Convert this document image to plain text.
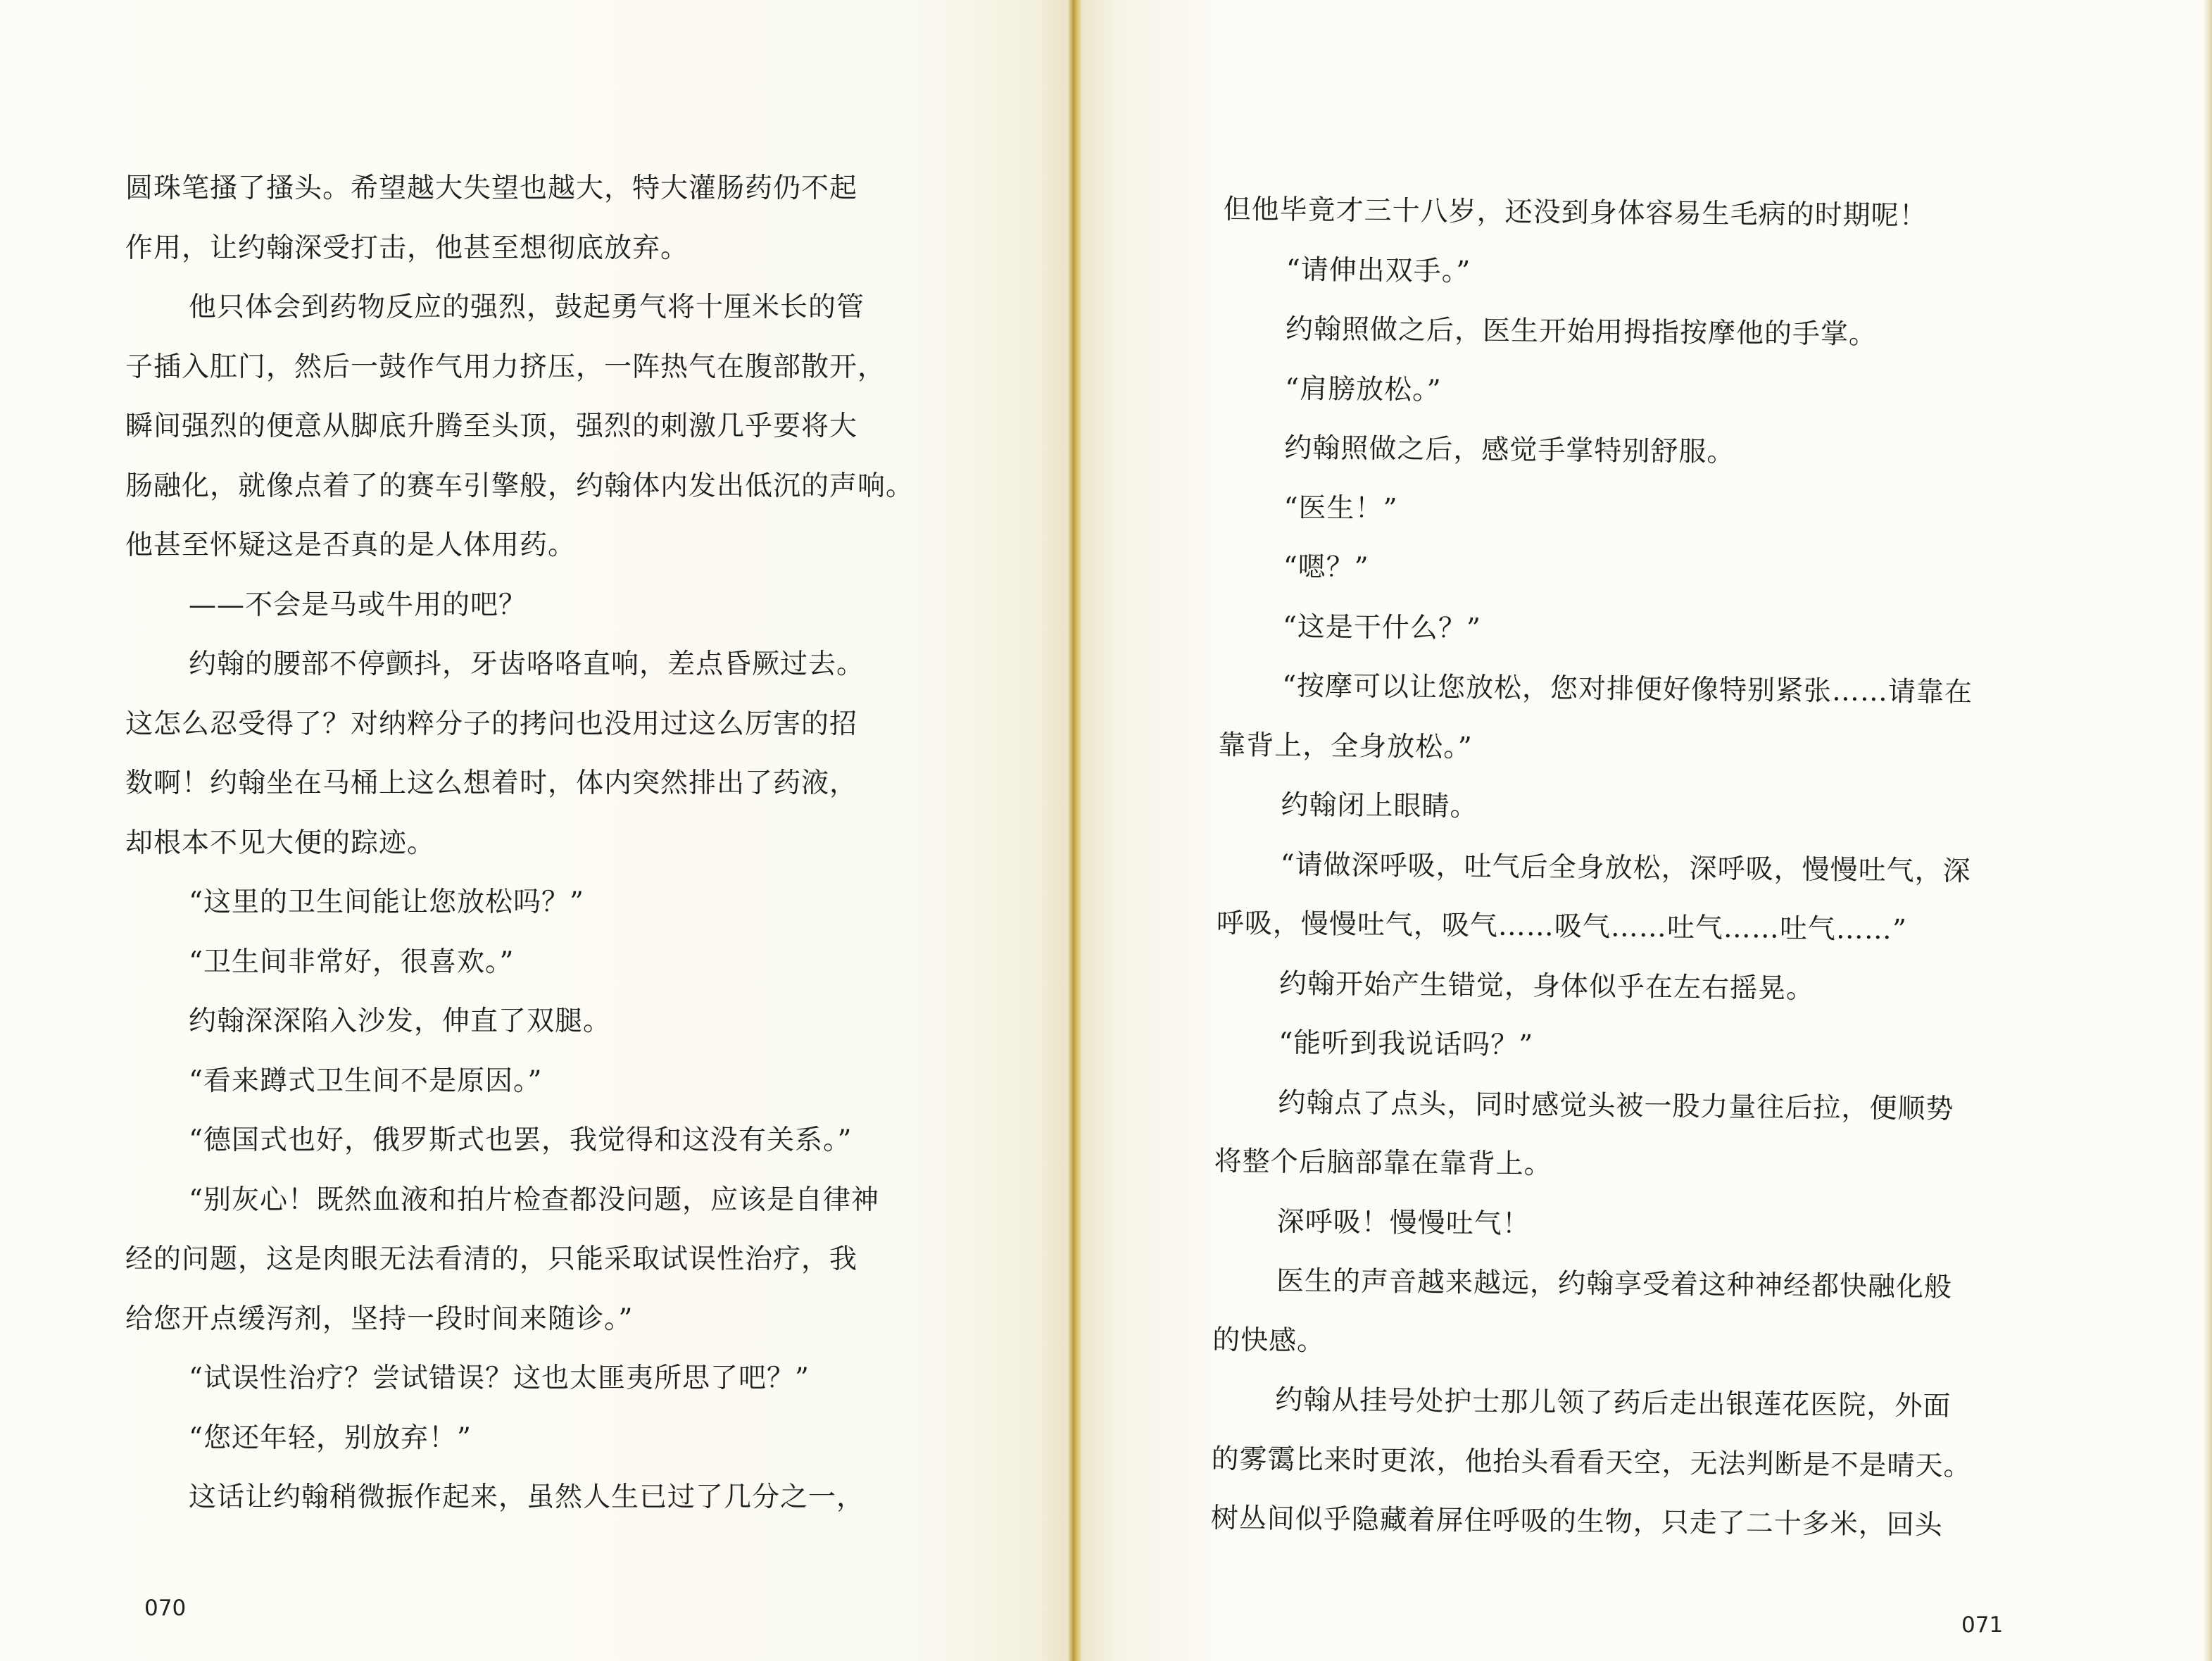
圆珠笔搔了搔头。希望越大失望也越大，特大灌肠药仍不起

作用，让约翰深受打击，他甚至想彻底放弃。

他只体会到药物反应的强烈，鼓起勇气将十厘米长的管

子插入肛门，然后一鼓作气用力挤压，一阵热气在腹部散开，

瞬间强烈的便意从脚底升腾至头顶，强烈的刺激几乎要将大

肠融化，就像点着了的赛车引擎般，约翰体内发出低沉的声响。

他甚至怀疑这是否真的是人体用药。

——不会是马或牛用的吧？

约翰的腰部不停颤抖，牙齿咯咯直响，差点昏厥过去。

这怎么忍受得了？对纳粹分子的拷问也没用过这么厉害的招

数啊！约翰坐在马桶上这么想着时，体内突然排出了药液，

却根本不见大便的踪迹。

“这里的卫生间能让您放松吗？”

“卫生间非常好，很喜欢。”

约翰深深陷入沙发，伸直了双腿。

“看来蹲式卫生间不是原因。”

“德国式也好，俄罗斯式也罢，我觉得和这没有关系。”

“别灰心！既然血液和拍片检查都没问题，应该是自律神

经的问题，这是肉眼无法看清的，只能采取试误性治疗，我

给您开点缓泻剂，坚持一段时间来随诊。”

“试误性治疗？尝试错误？这也太匪夷所思了吧？”

“您还年轻，别放弃！”

这话让约翰稍微振作起来，虽然人生已过了几分之一，

070

但他毕竟才三十八岁，还没到身体容易生毛病的时期呢！

“请伸出双手。”

约翰照做之后，医生开始用拇指按摩他的手掌。

“肩膀放松。”

约翰照做之后，感觉手掌特别舒服。

“医生！”

“嗯？”

“这是干什么？”

“按摩可以让您放松，您对排便好像特别紧张……请靠在

靠背上，全身放松。”

约翰闭上眼睛。

“请做深呼吸，吐气后全身放松，深呼吸，慢慢吐气，深

呼吸，慢慢吐气，吸气……吸气……吐气……吐气……”

约翰开始产生错觉，身体似乎在左右摇晃。

“能听到我说话吗？”

约翰点了点头，同时感觉头被一股力量往后拉，便顺势

将整个后脑部靠在靠背上。

深呼吸！慢慢吐气！

医生的声音越来越远，约翰享受着这种神经都快融化般

的快感。

约翰从挂号处护士那儿领了药后走出银莲花医院，外面

的雾霭比来时更浓，他抬头看看天空，无法判断是不是晴天。

树丛间似乎隐藏着屏住呼吸的生物，只走了二十多米，回头

071
